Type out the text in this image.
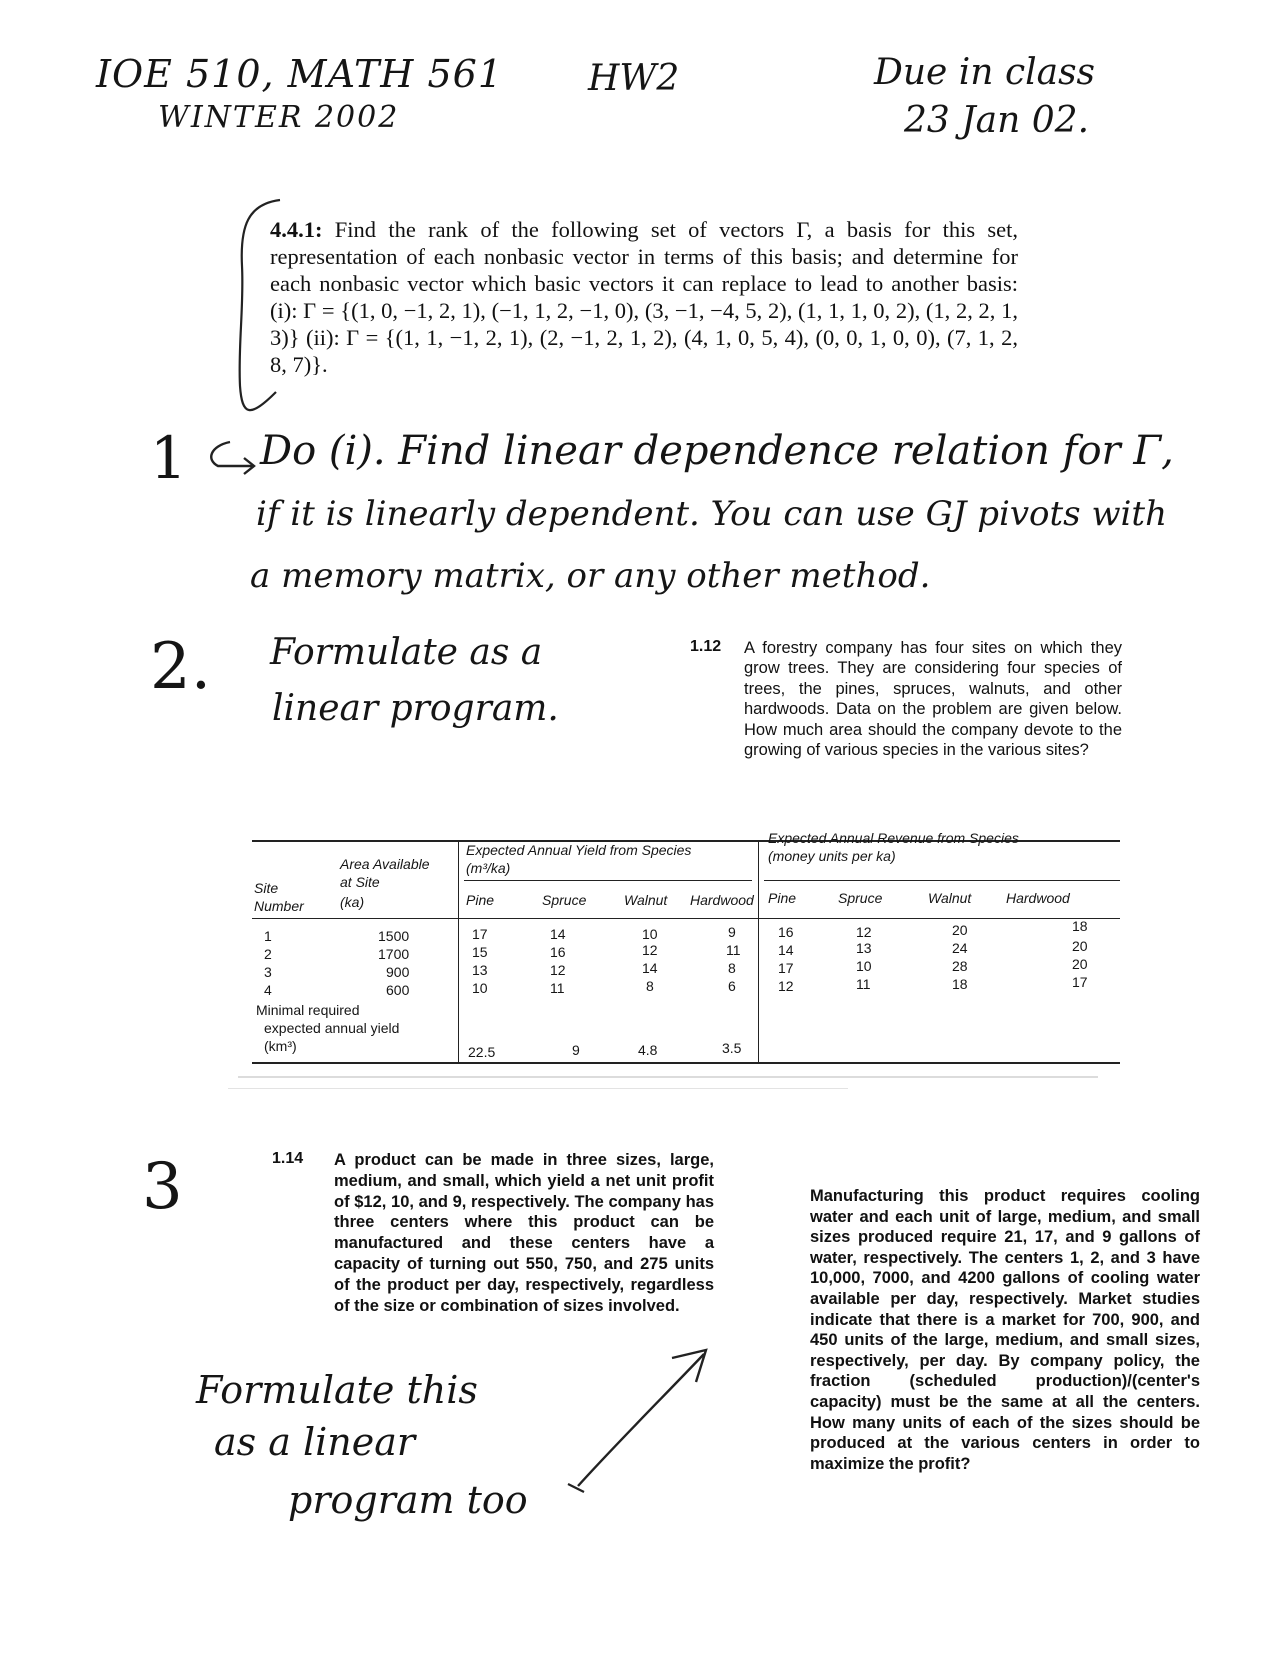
IOE 510, MATH 561
WINTER 2002
HW2	Due in class
23 Jan 02.
4.4.1: Find the rank of the following set of vectors Γ, a basis for this set, representation of each nonbasic vector in terms of this basis; and determine for each nonbasic vector which basic vectors it can replace to lead to another basis: (i): Γ = {(1, 0, −1, 2, 1), (−1, 1, 2, −1, 0), (3, −1, −4, 5, 2), (1, 1, 1, 0, 2), (1, 2, 2, 1, 3)} (ii): Γ = {(1, 1, −1, 2, 1), (2, −1, 2, 1, 2), (4, 1, 0, 5, 4), (0, 0, 1, 0, 0), (7, 1, 2, 8, 7)}.
1 Do (i). Find linear dependence relation for Γ,
if it is linearly dependent. You can use GJ pivots with
a memory matrix, or any other method.
2. Formulate as a
linear program.
1.12 A forestry company has four sites on which they grow trees. They are considering four species of trees, the pines, spruces, walnuts, and other hardwoods. Data on the problem are given below. How much area should the company devote to the growing of various species in the various sites?
Area Available
at Site
(ka)
Site
Number
Expected Annual Yield from Species
(m³/ka)
Expected Annual Revenue from Species
(money units per ka)
Pine	Spruce	Walnut Hardwood Pine	Spruce	Walnut Hardwood
1	1500	17	14	10	9	16	12	20	18
2	1700	15	16	12	11	14	13	24	20
3	900	13	12	14	8	17	10	28	20
4	600	10	11	8	6	12	11	18	17
Minimal required
expected annual yield
(km³)	22.5	9	4.8	3.5
3	1.14 A product can be made in three sizes, large, medium, and small, which yield a net unit profit of $12, 10, and 9, respectively. The company has three centers where this product can be manufactured and these centers have a capacity of turning out 550, 750, and 275 units of the product per day, respectively, regardless of the size or combination of sizes involved.
Manufacturing this product requires cooling water and each unit of large, medium, and small sizes produced require 21, 17, and 9 gallons of water, respectively. The centers 1, 2, and 3 have 10,000, 7000, and 4200 gallons of cooling water available per day, respectively. Market studies indicate that there is a market for 700, 900, and 450 units of the large, medium, and small sizes, respectively, per day. By company policy, the fraction (scheduled production)/(center's capacity) must be the same at all the centers. How many units of each of the sizes should be produced at the various centers in order to maximize the profit?
Formulate this
as a linear
program too
